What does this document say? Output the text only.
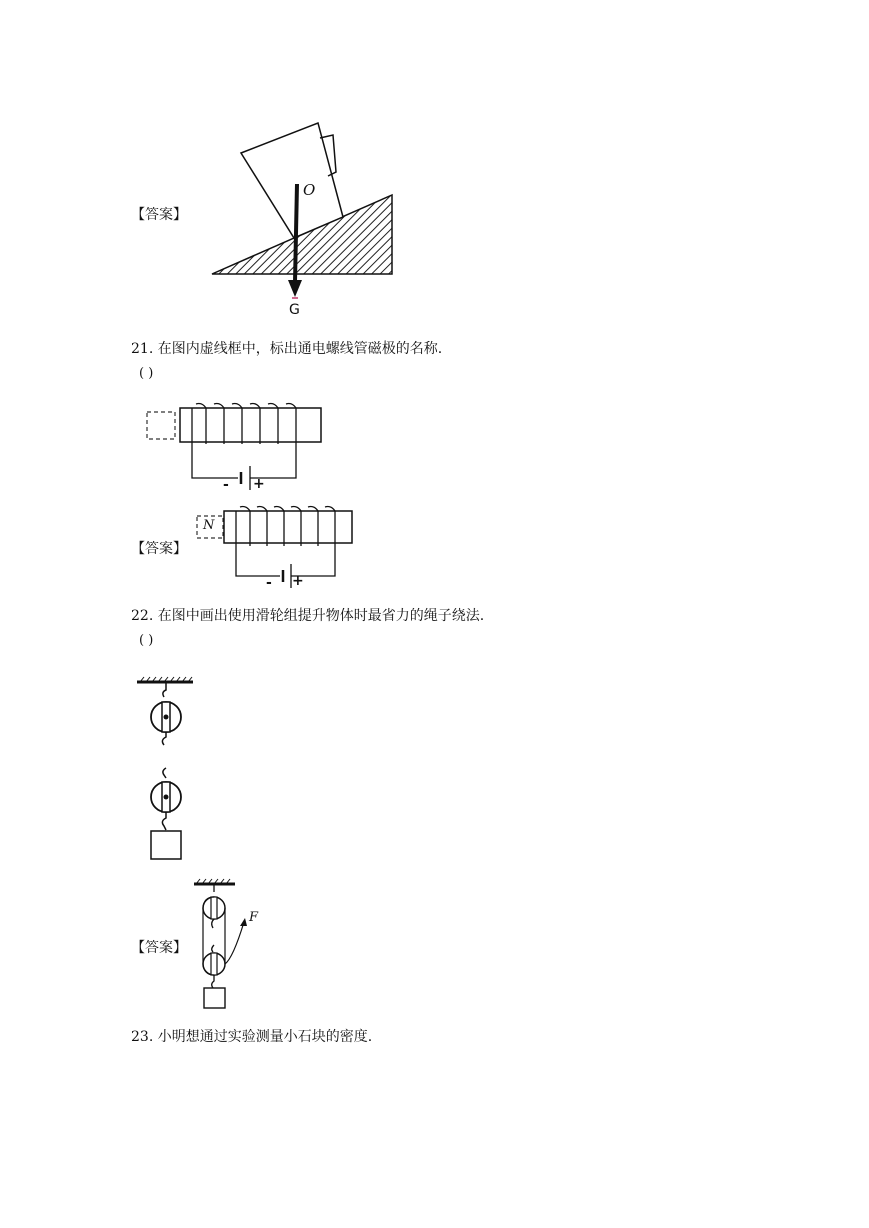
【答案】
O
G
21. 在图内虚线框中，标出通电螺线管磁极的名称.
( )
- +
【答案】
N
- +
22. 在图中画出使用滑轮组提升物体时最省力的绳子绕法.
( )
【答案】
F
23. 小明想通过实验测量小石块的密度.
